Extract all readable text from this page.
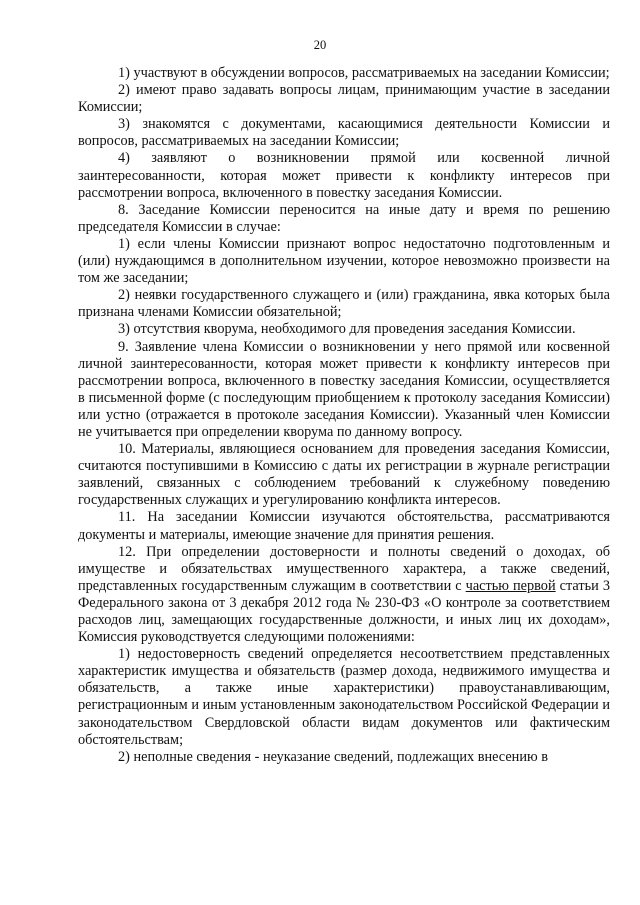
20

1) участвуют в обсуждении вопросов, рассматриваемых на заседании Комиссии;

2) имеют право задавать вопросы лицам, принимающим участие в заседании Комиссии;

3) знакомятся с документами, касающимися деятельности Комиссии и вопросов, рассматриваемых на заседании Комиссии;

4) заявляют о возникновении прямой или косвенной личной заинтересованности, которая может привести к конфликту интересов при рассмотрении вопроса, включенного в повестку заседания Комиссии.

8. Заседание Комиссии переносится на иные дату и время по решению председателя Комиссии в случае:

1) если члены Комиссии признают вопрос недостаточно подготовленным и (или) нуждающимся в дополнительном изучении, которое невозможно произвести на том же заседании;

2) неявки государственного служащего и (или) гражданина, явка которых была признана членами Комиссии обязательной;

3) отсутствия кворума, необходимого для проведения заседания Комиссии.

9. Заявление члена Комиссии о возникновении у него прямой или косвенной личной заинтересованности, которая может привести к конфликту интересов при рассмотрении вопроса, включенного в повестку заседания Комиссии, осуществляется в письменной форме (с последующим приобщением к протоколу заседания Комиссии) или устно (отражается в протоколе заседания Комиссии). Указанный член Комиссии не учитывается при определении кворума по данному вопросу.

10. Материалы, являющиеся основанием для проведения заседания Комиссии, считаются поступившими в Комиссию с даты их регистрации в журнале регистрации заявлений, связанных с соблюдением требований к служебному поведению государственных служащих и урегулированию конфликта интересов.

11. На заседании Комиссии изучаются обстоятельства, рассматриваются документы и материалы, имеющие значение для принятия решения.

12. При определении достоверности и полноты сведений о доходах, об имуществе и обязательствах имущественного характера, а также сведений, представленных государственным служащим в соответствии с частью первой статьи 3 Федерального закона от 3 декабря 2012 года № 230-ФЗ «О контроле за соответствием расходов лиц, замещающих государственные должности, и иных лиц их доходам», Комиссия руководствуется следующими положениями:

1) недостоверность сведений определяется несоответствием представленных характеристик имущества и обязательств (размер дохода, недвижимого имущества и обязательств, а также иные характеристики) правоустанавливающим, регистрационным и иным установленным законодательством Российской Федерации и законодательством Свердловской области видам документов или фактическим обстоятельствам;

2) неполные сведения - неуказание сведений, подлежащих внесению в
